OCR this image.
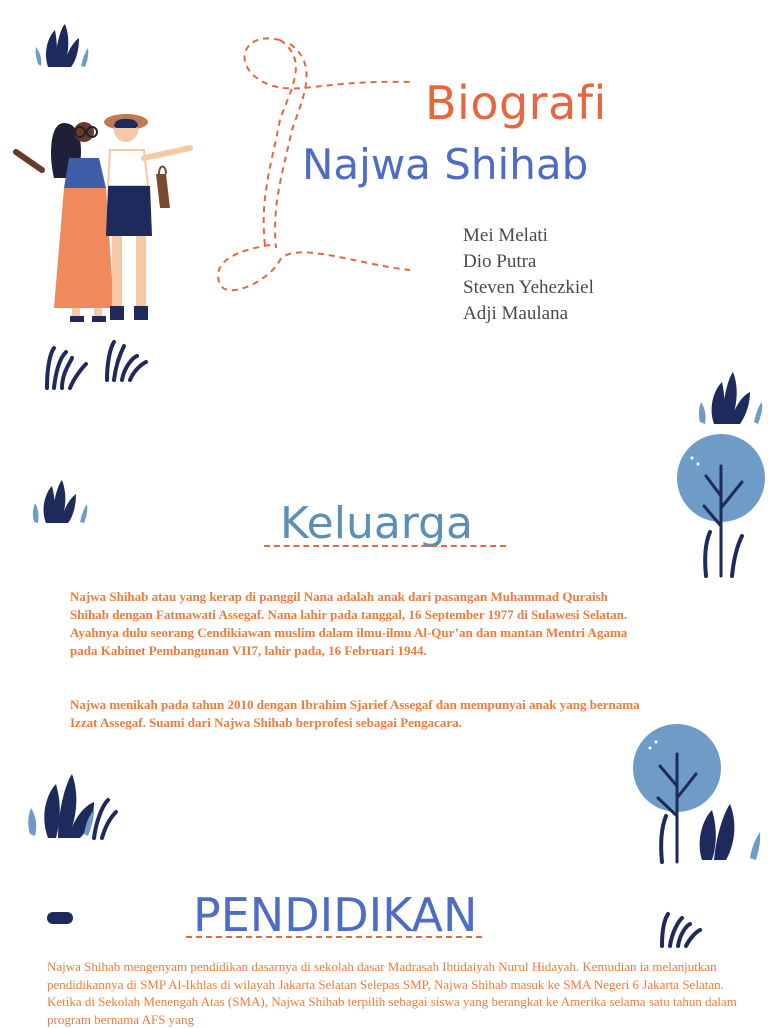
Biografi
Najwa Shihab
Mei Melati
Dio Putra
Steven Yehezkiel
Adji Maulana
Keluarga
Najwa Shihab atau yang kerap di panggil Nana adalah anak dari pasangan Muhammad Quraish Shihab dengan Fatmawati Assegaf. Nana lahir pada tanggal, 16 September 1977 di Sulawesi Selatan. Ayahnya dulu seorang Cendikiawan muslim dalam ilmu-ilmu Al-Qur’an dan mantan Mentri Agama pada Kabinet Pembangunan VII7, lahir pada, 16 Februari 1944.
Najwa menikah pada tahun 2010 dengan Ibrahim Sjarief Assegaf dan mempunyai anak yang bernama Izzat Assegaf. Suami dari Najwa Shihab berprofesi sebagai Pengacara.
PENDIDIKAN
Najwa Shihab mengenyam pendidikan dasarnya di sekolah dasar Madrasah Ibtidaiyah Nurul Hidayah. Kemudian ia melanjutkan pendidikannya di SMP Al-Ikhlas di wilayah Jakarta Selatan Selepas SMP, Najwa Shihab masuk ke SMA Negeri 6 Jakarta Selatan. Ketika di Sekolah Menengah Atas (SMA), Najwa Shihab terpilih sebagai siswa yang berangkat ke Amerika selama satu tahun dalam program bernama AFS yang
